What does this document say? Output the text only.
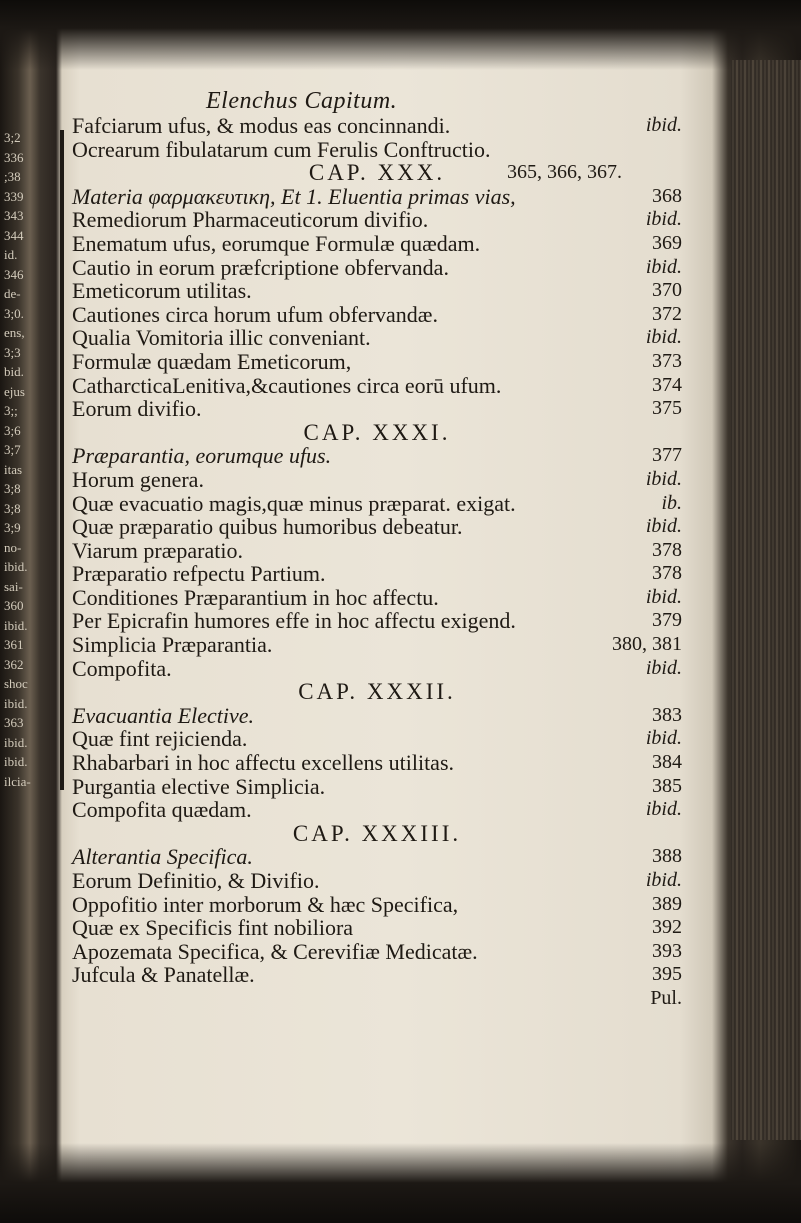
3;2
336
;38
339
343
344
id.
346
de-
3;0.
ens,
3;3
bid.
ejus
3;;
3;6
3;7
itas
3;8
3;8
3;9
no-
ibid.
sai-
360
ibid.
361
362
shoc
ibid.
363
ibid.
ibid.
ilcia-
Elenchus Capitum.
Fafciarum ufus, & modus eas concinnandi.	ibid.
Ocrearum fibulatarum cum Ferulis Conftructio.
CAP. XXX.	365, 366, 367.
Materia φαρμακευτικη, Et 1. Eluentia primas vias,	368
Remediorum Pharmaceuticorum divifio.	ibid.
Enematum ufus, eorumque Formulæ quædam.	369
Cautio in eorum præfcriptione obfervanda.	ibid.
Emeticorum utilitas.	370
Cautiones circa horum ufum obfervandæ.	372
Qualia Vomitoria illic conveniant.	ibid.
Formulæ quædam Emeticorum,	373
CatharcticaLenitiva,&cautiones circa eorū ufum.	374
Eorum divifio.	375
CAP. XXXI.
Præparantia, eorumque ufus.	377
Horum genera.	ibid.
Quæ evacuatio magis,quæ minus præparat. exigat.	ib.
Quæ præparatio quibus humoribus debeatur.	ibid.
Viarum præparatio.	378
Præparatio refpectu Partium.	378
Conditiones Præparantium in hoc affectu.	ibid.
Per Epicrafin humores effe in hoc affectu exigend.	379
Simplicia Præparantia.	380, 381
Compofita.	ibid.
CAP. XXXII.
Evacuantia Elective.	383
Quæ fint rejicienda.	ibid.
Rhabarbari in hoc affectu excellens utilitas.	384
Purgantia elective Simplicia.	385
Compofita quædam.	ibid.
CAP. XXXIII.
Alterantia Specifica.	388
Eorum Definitio, & Divifio.	ibid.
Oppofitio inter morborum & hæc Specifica,	389
Quæ ex Specificis fint nobiliora	392
Apozemata Specifica, & Cerevifiæ Medicatæ.	393
Jufcula & Panatellæ.	395
Pul.
